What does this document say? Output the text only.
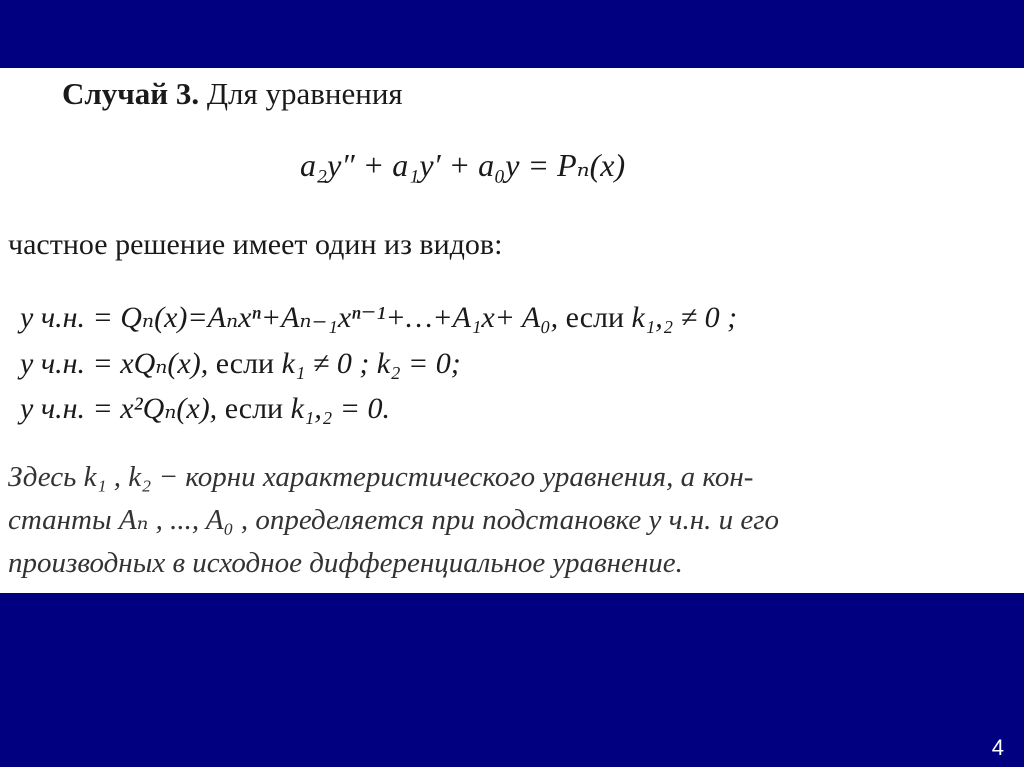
Случай 3. Для уравнения
a₂y″ + a₁y′ + a₀y = Pₙ(x)
частное решение имеет один из видов:
y ч.н. = Qₙ(x)=Aₙxⁿ+Aₙ₋₁xⁿ⁻¹+…+A₁x+ A₀, если k₁,₂ ≠ 0 ;
y ч.н. = xQₙ(x), если k₁ ≠ 0 ; k₂ = 0;
y ч.н. = x²Qₙ(x), если k₁,₂ = 0.
Здесь k₁ , k₂ − корни характеристического уравнения, а кон-
станты Aₙ , ..., A₀ , определяется при подстановке y ч.н. и его
производных в исходное дифференциальное уравнение.
4
